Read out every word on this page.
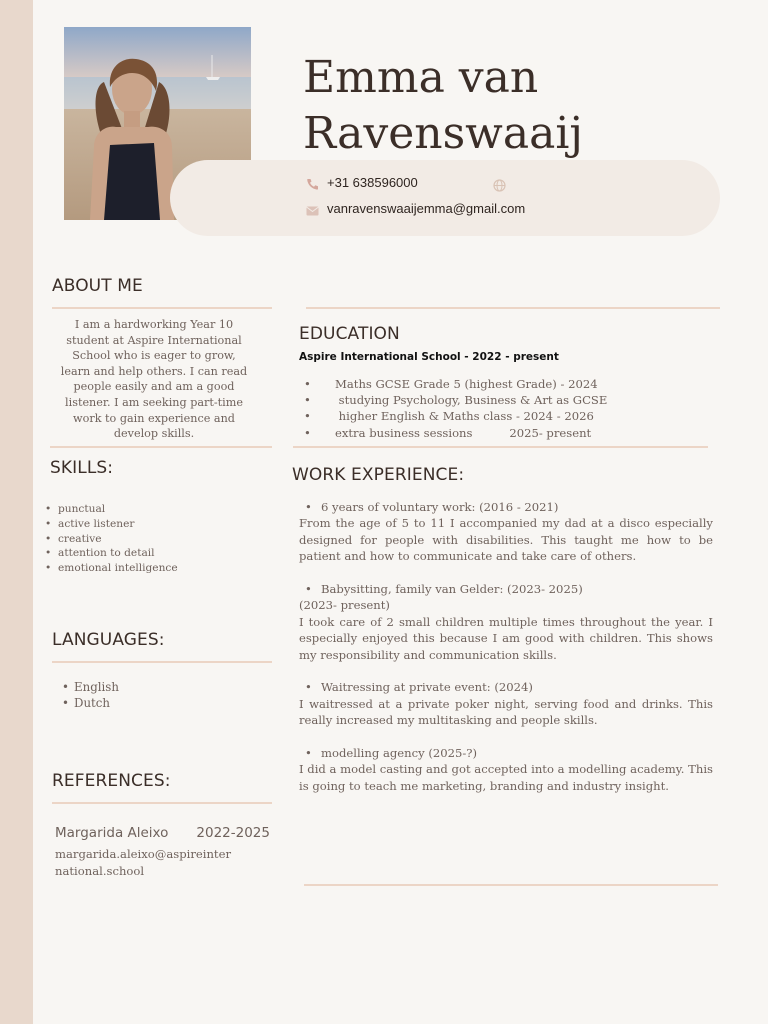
Emma van Ravenswaaij
+31 638596000
vanravenswaaijemma@gmail.com
ABOUT ME
I am a hardworking Year 10 student at Aspire International School who is eager to grow, learn and help others. I can read people easily and am a good listener. I am seeking part-time work to gain experience and develop skills.
EDUCATION
Aspire International School - 2022 - present
• Maths GCSE Grade 5 (highest Grade) - 2024
•  studying Psychology, Business & Art as GCSE
•  higher English & Maths class - 2024 - 2026
• extra business sessions          2025- present
SKILLS:
• punctual
• active listener
• creative
• attention to detail
• emotional intelligence
WORK EXPERIENCE:
• 6 years of voluntary work: (2016 - 2021)
From the age of 5 to 11 I accompanied my dad at a disco especially designed for people with disabilities. This taught me how to be patient and how to communicate and take care of others.
• Babysitting, family van Gelder: (2023- 2025)
(2023- present)
I took care of 2 small children multiple times throughout the year. I especially enjoyed this because I am good with children. This shows my responsibility and communication skills.
• Waitressing at private event: (2024)
I waitressed at a private poker night, serving food and drinks. This really increased my multitasking and people skills.
• modelling agency (2025-?)
I did a model casting and got accepted into a modelling academy. This is going to teach me marketing, branding and industry insight.
LANGUAGES:
• English
• Dutch
REFERENCES:
Margarida Aleixo 2022-2025
margarida.aleixo@aspireinternational.school
